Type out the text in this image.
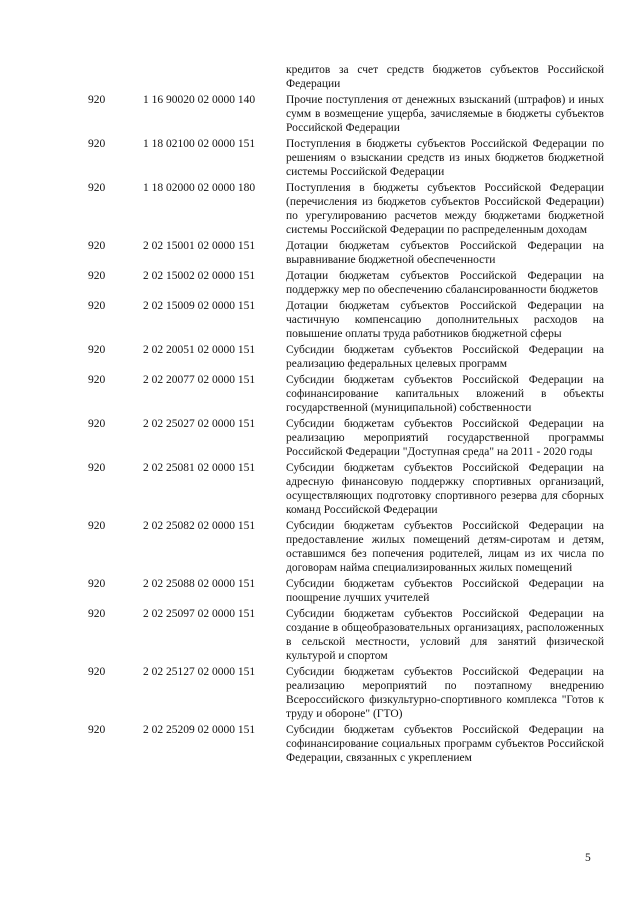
кредитов за счет средств бюджетов субъектов Российской Федерации
920	1 16 90020 02 0000 140	Прочие поступления от денежных взысканий (штрафов) и иных сумм в возмещение ущерба, зачисляемые в бюджеты субъектов Российской Федерации
920	1 18 02100 02 0000 151	Поступления в бюджеты субъектов Российской Федерации по решениям о взыскании средств из иных бюджетов бюджетной системы Российской Федерации
920	1 18 02000 02 0000 180	Поступления в бюджеты субъектов Российской Федерации (перечисления из бюджетов субъектов Российской Федерации) по урегулированию расчетов между бюджетами бюджетной системы Российской Федерации по распределенным доходам
920	2 02 15001 02 0000 151	Дотации бюджетам субъектов Российской Федерации на выравнивание бюджетной обеспеченности
920	2 02 15002 02 0000 151	Дотации бюджетам субъектов Российской Федерации на поддержку мер по обеспечению сбалансированности бюджетов
920	2 02 15009 02 0000 151	Дотации бюджетам субъектов Российской Федерации на частичную компенсацию дополнительных расходов на повышение оплаты труда работников бюджетной сферы
920	2 02 20051 02 0000 151	Субсидии бюджетам субъектов Российской Федерации на реализацию федеральных целевых программ
920	2 02 20077 02 0000 151	Субсидии бюджетам субъектов Российской Федерации на софинансирование капитальных вложений в объекты государственной (муниципальной) собственности
920	2 02 25027 02 0000 151	Субсидии бюджетам субъектов Российской Федерации на реализацию мероприятий государственной программы Российской Федерации "Доступная среда" на 2011 - 2020 годы
920	2 02 25081 02 0000 151	Субсидии бюджетам субъектов Российской Федерации на адресную финансовую поддержку спортивных организаций, осуществляющих подготовку спортивного резерва для сборных команд Российской Федерации
920	2 02 25082 02 0000 151	Субсидии бюджетам субъектов Российской Федерации на предоставление жилых помещений детям-сиротам и детям, оставшимся без попечения родителей, лицам из их числа по договорам найма специализированных жилых помещений
920	2 02 25088 02 0000 151	Субсидии бюджетам субъектов Российской Федерации на поощрение лучших учителей
920	2 02 25097 02 0000 151	Субсидии бюджетам субъектов Российской Федерации на создание в общеобразовательных организациях, расположенных в сельской местности, условий для занятий физической культурой и спортом
920	2 02 25127 02 0000 151	Субсидии бюджетам субъектов Российской Федерации на реализацию мероприятий по поэтапному внедрению Всероссийского физкультурно-спортивного комплекса "Готов к труду и обороне" (ГТО)
920	2 02 25209 02 0000 151	Субсидии бюджетам субъектов Российской Федерации на софинансирование социальных программ субъектов Российской Федерации, связанных с укреплением
5
